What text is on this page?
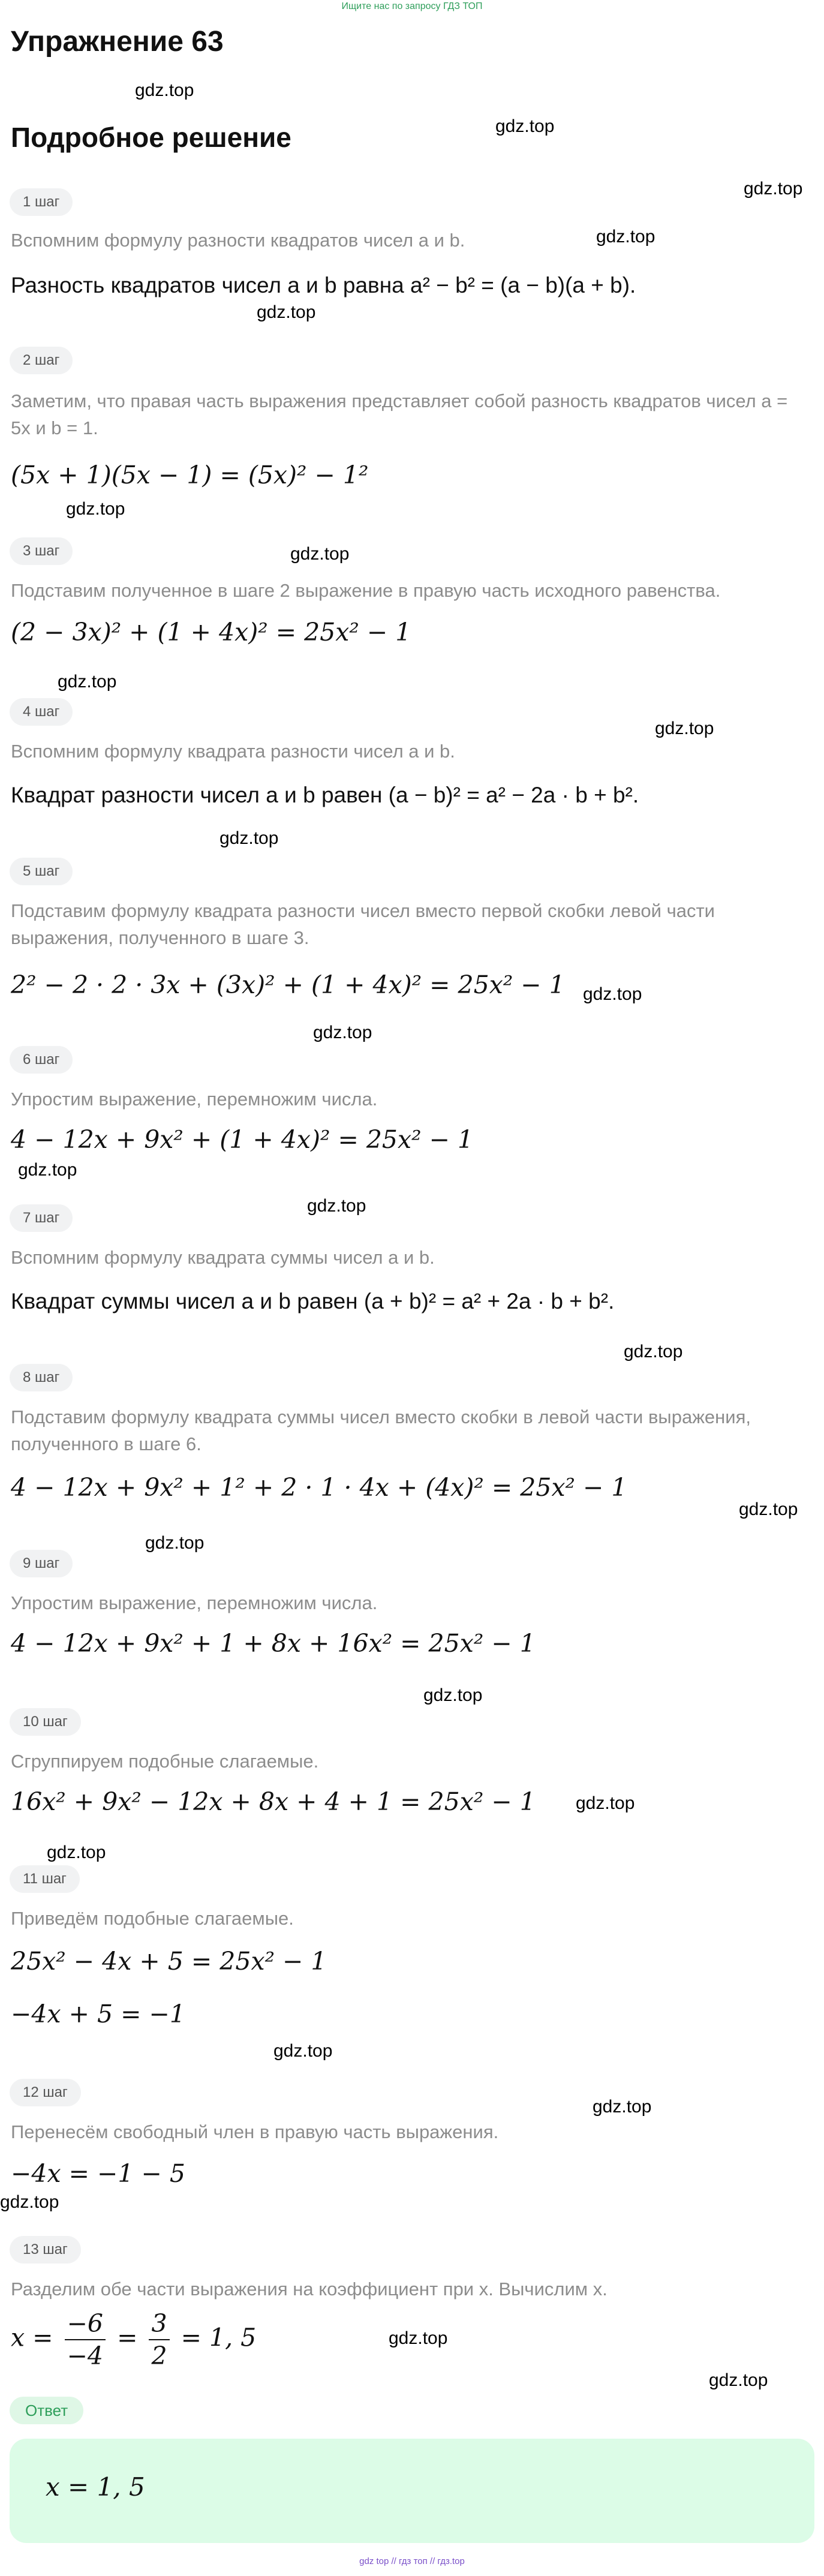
Ищите нас по запросу ГДЗ ТОП
Упражнение 63
Подробное решение
gdz.top
gdz.top
gdz.top
gdz.top
gdz.top
gdz.top
gdz.top
gdz.top
gdz.top
gdz.top
gdz.top
gdz.top
gdz.top
gdz.top
gdz.top
gdz.top
gdz.top
gdz.top
gdz.top
gdz.top
gdz.top
gdz.top
gdz.top
gdz.top
gdz.top
1 шаг
Вспомним формулу разности квадратов чисел a и b.
Разность квадратов чисел a и b равна a² − b² = (a − b)(a + b).
2 шаг
Заметим, что правая часть выражения представляет собой разность квадратов чисел a = 5x и b = 1.
(5x + 1)(5x − 1) = (5x)² − 1²
3 шаг
Подставим полученное в шаге 2 выражение в правую часть исходного равенства.
(2 − 3x)² + (1 + 4x)² = 25x² − 1
4 шаг
Вспомним формулу квадрата разности чисел a и b.
Квадрат разности чисел a и b равен (a − b)² = a² − 2a · b + b².
5 шаг
Подставим формулу квадрата разности чисел вместо первой скобки левой части выражения, полученного в шаге 3.
2² − 2 · 2 · 3x + (3x)² + (1 + 4x)² = 25x² − 1
6 шаг
Упростим выражение, перемножим числа.
4 − 12x + 9x² + (1 + 4x)² = 25x² − 1
7 шаг
Вспомним формулу квадрата суммы чисел a и b.
Квадрат суммы чисел a и b равен (a + b)² = a² + 2a · b + b².
8 шаг
Подставим формулу квадрата суммы чисел вместо скобки в левой части выражения, полученного в шаге 6.
4 − 12x + 9x² + 1² + 2 · 1 · 4x + (4x)² = 25x² − 1
9 шаг
Упростим выражение, перемножим числа.
4 − 12x + 9x² + 1 + 8x + 16x² = 25x² − 1
10 шаг
Сгруппируем подобные слагаемые.
16x² + 9x² − 12x + 8x + 4 + 1 = 25x² − 1
11 шаг
Приведём подобные слагаемые.
25x² − 4x + 5 = 25x² − 1
−4x + 5 = −1
12 шаг
Перенесём свободный член в правую часть выражения.
−4x = −1 − 5
13 шаг
Разделим обе части выражения на коэффициент при x. Вычислим x.
$x = \frac{-6}{-4} = \frac{3}{2} = 1$, 5
Ответ
x = 1, 5
gdz top // гдз топ // гдз.top
